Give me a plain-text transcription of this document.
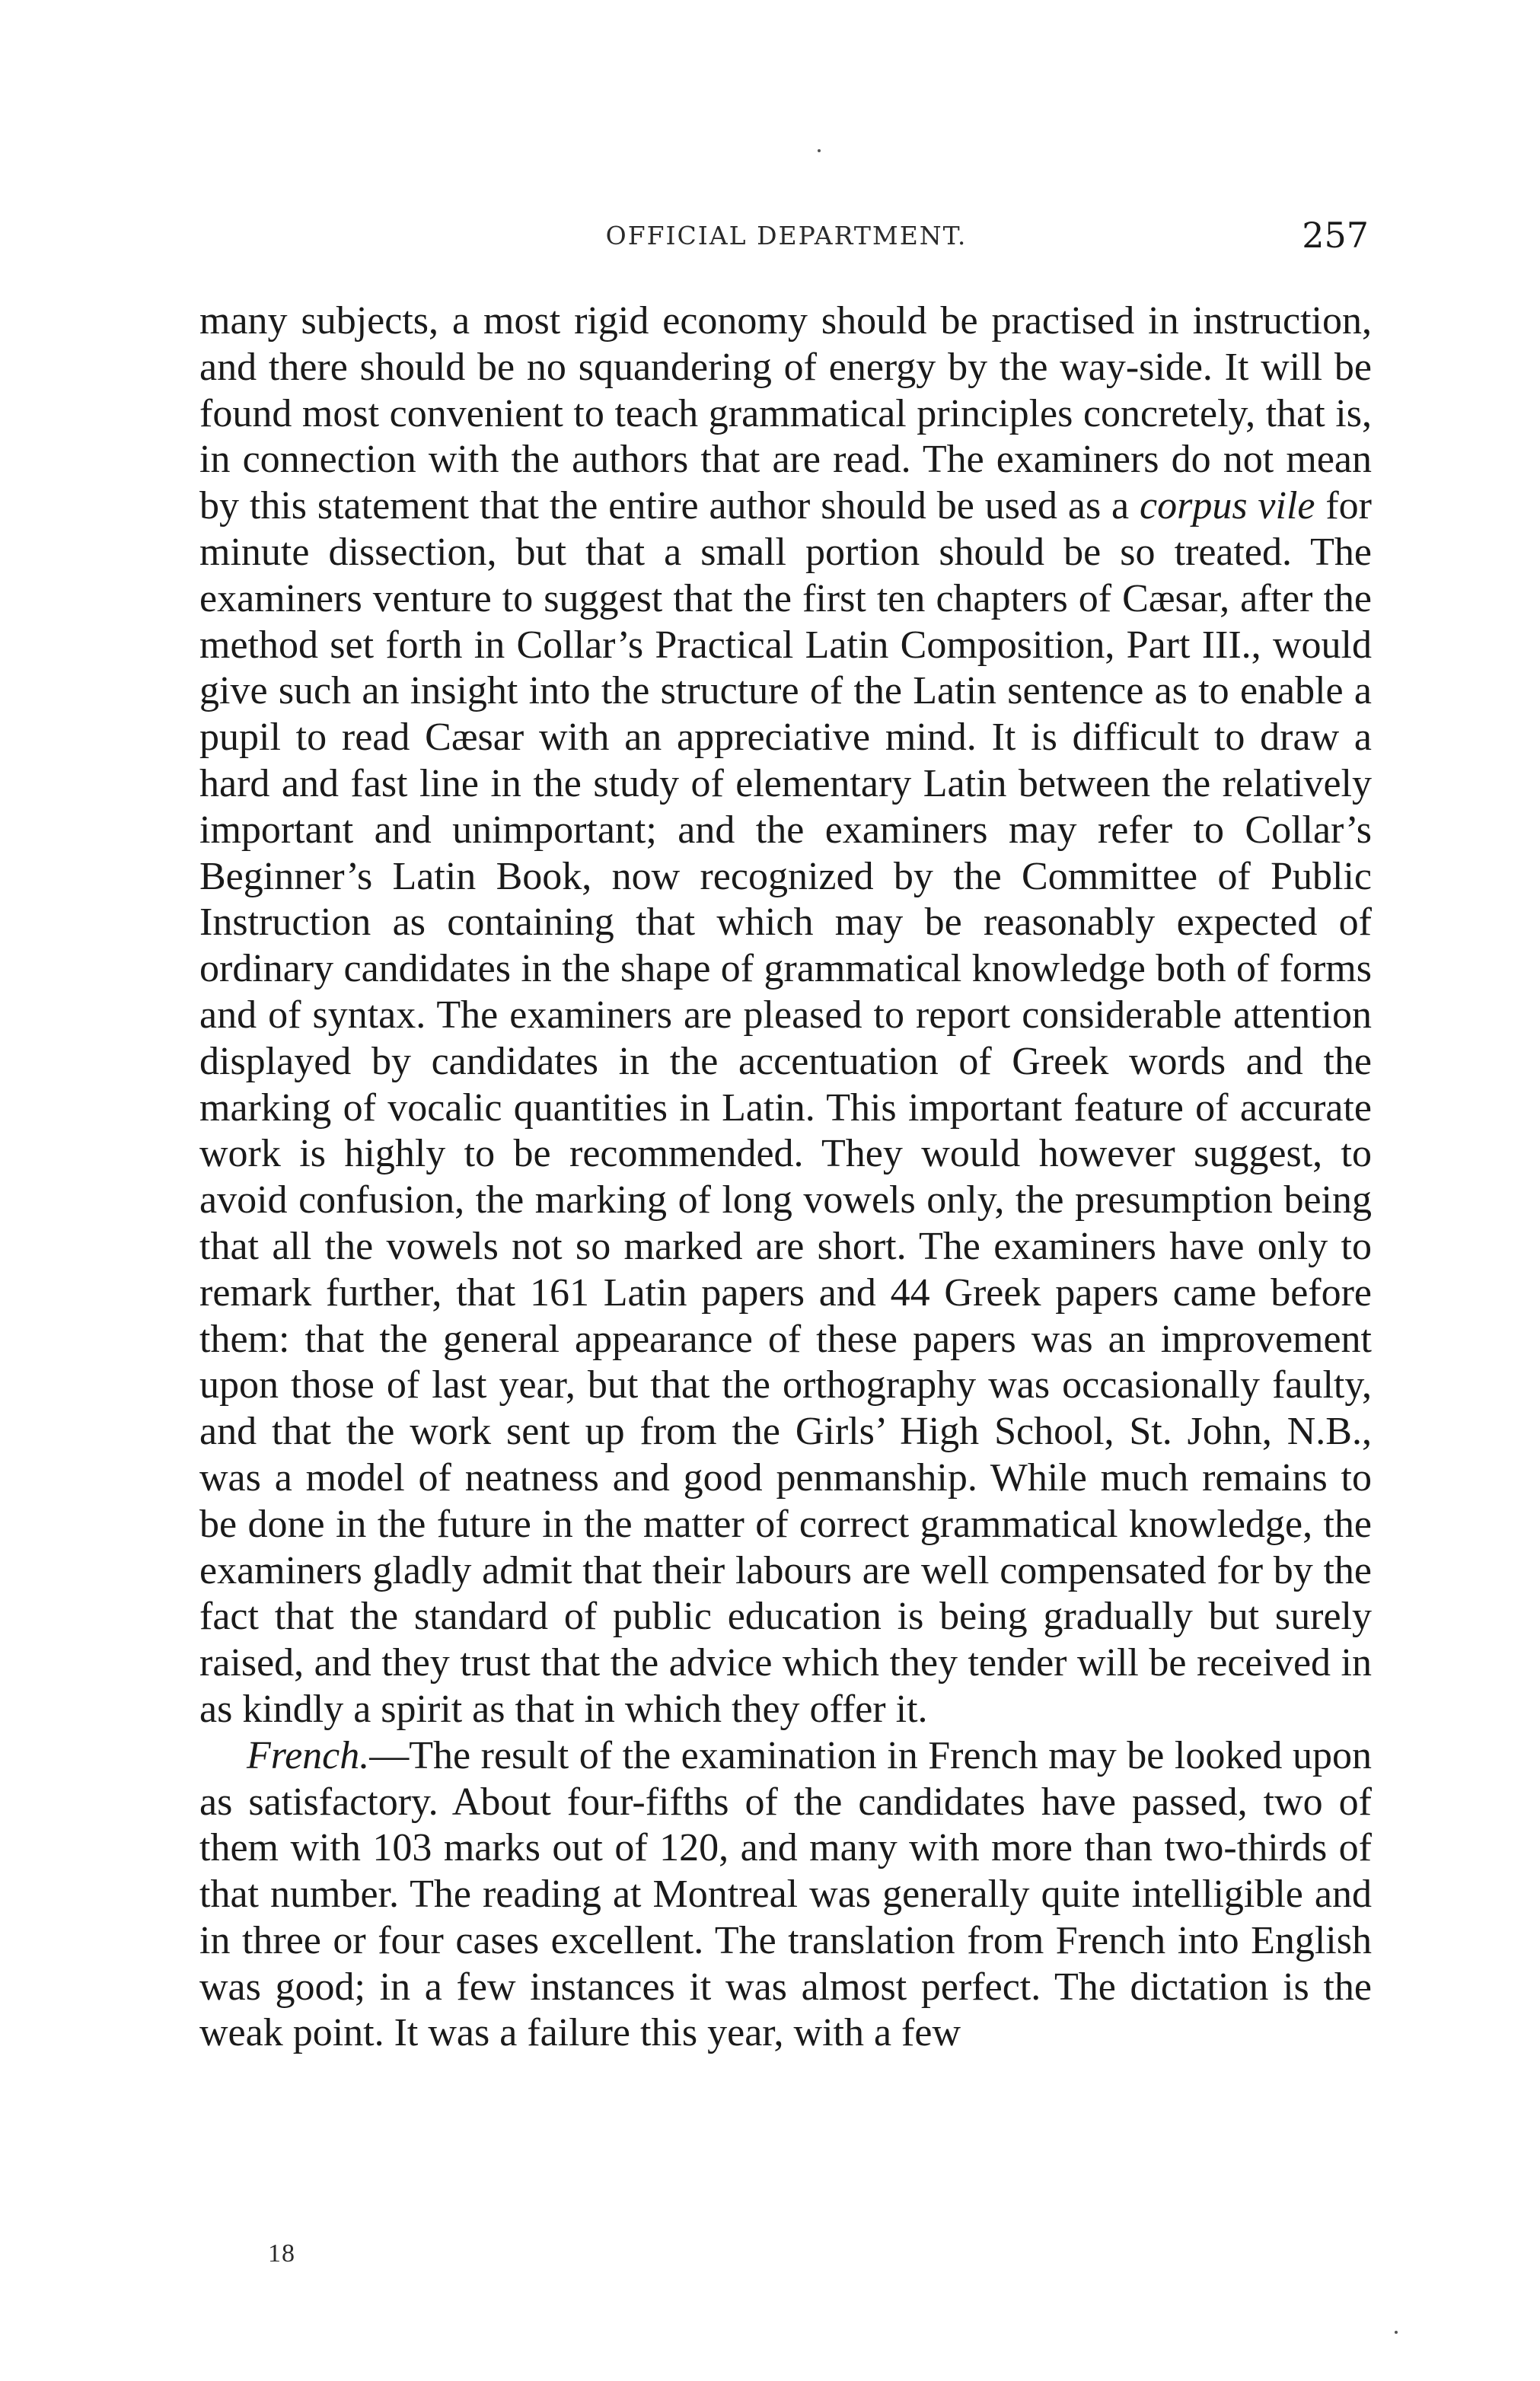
OFFICIAL DEPARTMENT.	257

many subjects, a most rigid economy should be practised in instruction, and there should be no squandering of energy by the way-side. It will be found most convenient to teach grammatical principles concretely, that is, in connection with the authors that are read. The examiners do not mean by this statement that the entire author should be used as a corpus vile for minute dissection, but that a small portion should be so treated. The examiners venture to suggest that the first ten chapters of Cæsar, after the method set forth in Collar’s Practical Latin Composition, Part III., would give such an insight into the structure of the Latin sentence as to enable a pupil to read Cæsar with an appreciative mind. It is difficult to draw a hard and fast line in the study of elementary Latin between the relatively important and unimportant; and the examiners may refer to Collar’s Beginner’s Latin Book, now recognized by the Committee of Public Instruction as containing that which may be reasonably expected of ordinary candidates in the shape of grammatical knowledge both of forms and of syntax. The examiners are pleased to report considerable attention displayed by candidates in the accentuation of Greek words and the marking of vocalic quantities in Latin. This important feature of accurate work is highly to be recommended. They would however suggest, to avoid confusion, the marking of long vowels only, the presumption being that all the vowels not so marked are short. The examiners have only to remark further, that 161 Latin papers and 44 Greek papers came before them: that the general appearance of these papers was an improvement upon those of last year, but that the orthography was occasionally faulty, and that the work sent up from the Girls’ High School, St. John, N.B., was a model of neatness and good penmanship. While much remains to be done in the future in the matter of correct grammatical knowledge, the examiners gladly admit that their labours are well compensated for by the fact that the standard of public education is being gradually but surely raised, and they trust that the advice which they tender will be received in as kindly a spirit as that in which they offer it.

French.—The result of the examination in French may be looked upon as satisfactory. About four-fifths of the candidates have passed, two of them with 103 marks out of 120, and many with more than two-thirds of that number. The reading at Montreal was generally quite intelligible and in three or four cases excellent. The translation from French into English was good; in a few instances it was almost perfect. The dictation is the weak point. It was a failure this year, with a few

18
